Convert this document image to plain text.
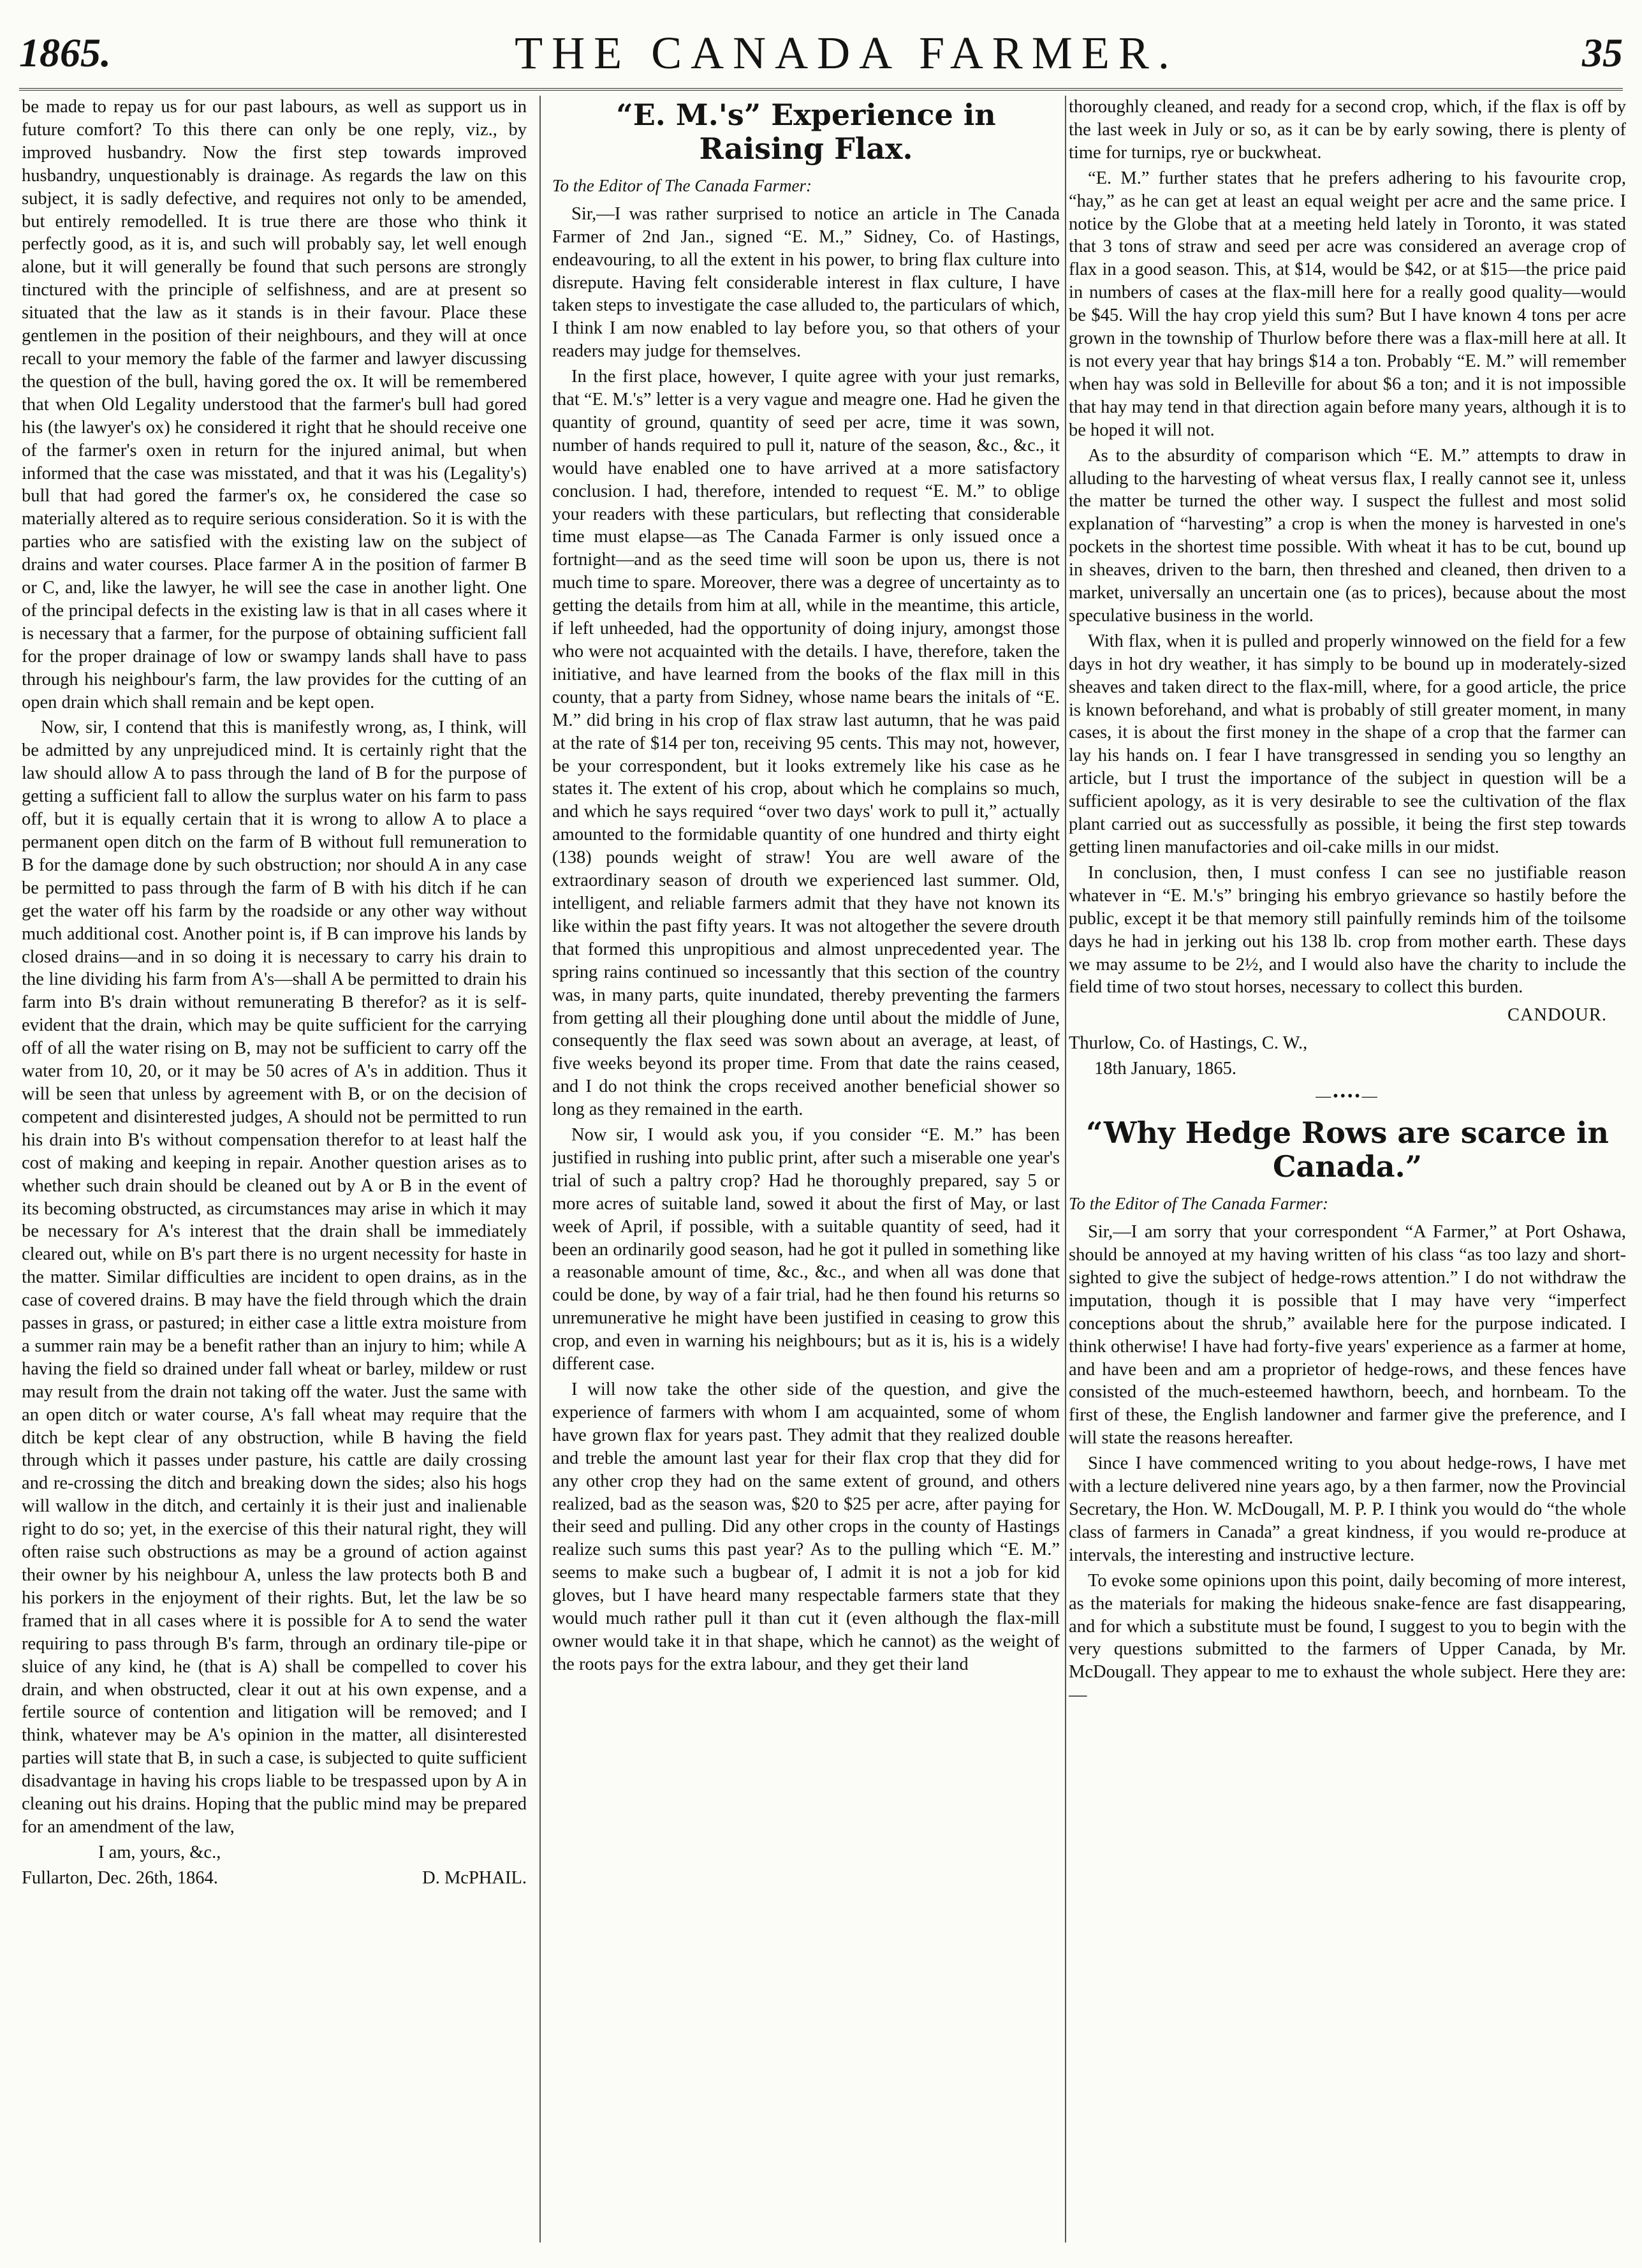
1865.	THE CANADA FARMER.	35

be made to repay us for our past labours, as well as support us in future comfort? To this there can only be one reply, viz., by improved husbandry. Now the first step towards improved husbandry, unquestionably is drainage. As regards the law on this subject, it is sadly defective, and requires not only to be amended, but entirely remodelled. It is true there are those who think it perfectly good, as it is, and such will probably say, let well enough alone, but it will generally be found that such persons are strongly tinctured with the principle of selfishness, and are at present so situated that the law as it stands is in their favour. Place these gentlemen in the position of their neighbours, and they will at once recall to your memory the fable of the farmer and lawyer discussing the question of the bull, having gored the ox. It will be remembered that when Old Legality understood that the farmer's bull had gored his (the lawyer's ox) he considered it right that he should receive one of the farmer's oxen in return for the injured animal, but when informed that the case was misstated, and that it was his (Legality's) bull that had gored the farmer's ox, he considered the case so materially altered as to require serious consideration. So it is with the parties who are satisfied with the existing law on the subject of drains and water courses. Place farmer A in the position of farmer B or C, and, like the lawyer, he will see the case in another light. One of the principal defects in the existing law is that in all cases where it is necessary that a farmer, for the purpose of obtaining sufficient fall for the proper drainage of low or swampy lands shall have to pass through his neighbour's farm, the law provides for the cutting of an open drain which shall remain and be kept open.

Now, sir, I contend that this is manifestly wrong, as, I think, will be admitted by any unprejudiced mind. It is certainly right that the law should allow A to pass through the land of B for the purpose of getting a sufficient fall to allow the surplus water on his farm to pass off, but it is equally certain that it is wrong to allow A to place a permanent open ditch on the farm of B without full remuneration to B for the damage done by such obstruction; nor should A in any case be permitted to pass through the farm of B with his ditch if he can get the water off his farm by the roadside or any other way without much additional cost. Another point is, if B can improve his lands by closed drains—and in so doing it is necessary to carry his drain to the line dividing his farm from A's—shall A be permitted to drain his farm into B's drain without remunerating B therefor? as it is self-evident that the drain, which may be quite sufficient for the carrying off of all the water rising on B, may not be sufficient to carry off the water from 10, 20, or it may be 50 acres of A's in addition. Thus it will be seen that unless by agreement with B, or on the decision of competent and disinterested judges, A should not be permitted to run his drain into B's without compensation therefor to at least half the cost of making and keeping in repair. Another question arises as to whether such drain should be cleaned out by A or B in the event of its becoming obstructed, as circumstances may arise in which it may be necessary for A's interest that the drain shall be immediately cleared out, while on B's part there is no urgent necessity for haste in the matter. Similar difficulties are incident to open drains, as in the case of covered drains. B may have the field through which the drain passes in grass, or pastured; in either case a little extra moisture from a summer rain may be a benefit rather than an injury to him; while A having the field so drained under fall wheat or barley, mildew or rust may result from the drain not taking off the water. Just the same with an open ditch or water course, A's fall wheat may require that the ditch be kept clear of any obstruction, while B having the field through which it passes under pasture, his cattle are daily crossing and re-crossing the ditch and breaking down the sides; also his hogs will wallow in the ditch, and certainly it is their just and inalienable right to do so; yet, in the exercise of this their natural right, they will often raise such obstructions as may be a ground of action against their owner by his neighbour A, unless the law protects both B and his porkers in the enjoyment of their rights. But, let the law be so framed that in all cases where it is possible for A to send the water requiring to pass through B's farm, through an ordinary tile-pipe or sluice of any kind, he (that is A) shall be compelled to cover his drain, and when obstructed, clear it out at his own expense, and a fertile source of contention and litigation will be removed; and I think, whatever may be A's opinion in the matter, all disinterested parties will state that B, in such a case, is subjected to quite sufficient disadvantage in having his crops liable to be trespassed upon by A in cleaning out his drains. Hoping that the public mind may be prepared for an amendment of the law,

I am, yours, &c.,

Fullarton, Dec. 26th, 1864.	D. McPHAIL.
“E. M.'s” Experience in Raising Flax.

To the Editor of The Canada Farmer:

Sir,—I was rather surprised to notice an article in The Canada Farmer of 2nd Jan., signed “E. M.,” Sidney, Co. of Hastings, endeavouring, to all the extent in his power, to bring flax culture into disrepute. Having felt considerable interest in flax culture, I have taken steps to investigate the case alluded to, the particulars of which, I think I am now enabled to lay before you, so that others of your readers may judge for themselves.

In the first place, however, I quite agree with your just remarks, that “E. M.'s” letter is a very vague and meagre one. Had he given the quantity of ground, quantity of seed per acre, time it was sown, number of hands required to pull it, nature of the season, &c., &c., it would have enabled one to have arrived at a more satisfactory conclusion. I had, therefore, intended to request “E. M.” to oblige your readers with these particulars, but reflecting that considerable time must elapse—as The Canada Farmer is only issued once a fortnight—and as the seed time will soon be upon us, there is not much time to spare. Moreover, there was a degree of uncertainty as to getting the details from him at all, while in the meantime, this article, if left unheeded, had the opportunity of doing injury, amongst those who were not acquainted with the details. I have, therefore, taken the initiative, and have learned from the books of the flax mill in this county, that a party from Sidney, whose name bears the initals of “E. M.” did bring in his crop of flax straw last autumn, that he was paid at the rate of $14 per ton, receiving 95 cents. This may not, however, be your correspondent, but it looks extremely like his case as he states it. The extent of his crop, about which he complains so much, and which he says required “over two days' work to pull it,” actually amounted to the formidable quantity of one hundred and thirty eight (138) pounds weight of straw! You are well aware of the extraordinary season of drouth we experienced last summer. Old, intelligent, and reliable farmers admit that they have not known its like within the past fifty years. It was not altogether the severe drouth that formed this unpropitious and almost unprecedented year. The spring rains continued so incessantly that this section of the country was, in many parts, quite inundated, thereby preventing the farmers from getting all their ploughing done until about the middle of June, consequently the flax seed was sown about an average, at least, of five weeks beyond its proper time. From that date the rains ceased, and I do not think the crops received another beneficial shower so long as they remained in the earth.

Now sir, I would ask you, if you consider “E. M.” has been justified in rushing into public print, after such a miserable one year's trial of such a paltry crop? Had he thoroughly prepared, say 5 or more acres of suitable land, sowed it about the first of May, or last week of April, if possible, with a suitable quantity of seed, had it been an ordinarily good season, had he got it pulled in something like a reasonable amount of time, &c., &c., and when all was done that could be done, by way of a fair trial, had he then found his returns so unremunerative he might have been justified in ceasing to grow this crop, and even in warning his neighbours; but as it is, his is a widely different case.

I will now take the other side of the question, and give the experience of farmers with whom I am acquainted, some of whom have grown flax for years past. They admit that they realized double and treble the amount last year for their flax crop that they did for any other crop they had on the same extent of ground, and others realized, bad as the season was, $20 to $25 per acre, after paying for their seed and pulling. Did any other crops in the county of Hastings realize such sums this past year? As to the pulling which “E. M.” seems to make such a bugbear of, I admit it is not a job for kid gloves, but I have heard many respectable farmers state that they would much rather pull it than cut it (even although the flax-mill owner would take it in that shape, which he cannot) as the weight of the roots pays for the extra labour, and they get their land

thoroughly cleaned, and ready for a second crop, which, if the flax is off by the last week in July or so, as it can be by early sowing, there is plenty of time for turnips, rye or buckwheat.

“E. M.” further states that he prefers adhering to his favourite crop, “hay,” as he can get at least an equal weight per acre and the same price. I notice by the Globe that at a meeting held lately in Toronto, it was stated that 3 tons of straw and seed per acre was considered an average crop of flax in a good season. This, at $14, would be $42, or at $15—the price paid in numbers of cases at the flax-mill here for a really good quality—would be $45. Will the hay crop yield this sum? But I have known 4 tons per acre grown in the township of Thurlow before there was a flax-mill here at all. It is not every year that hay brings $14 a ton. Probably “E. M.” will remember when hay was sold in Belleville for about $6 a ton; and it is not impossible that hay may tend in that direction again before many years, although it is to be hoped it will not.

As to the absurdity of comparison which “E. M.” attempts to draw in alluding to the harvesting of wheat versus flax, I really cannot see it, unless the matter be turned the other way. I suspect the fullest and most solid explanation of “harvesting” a crop is when the money is harvested in one's pockets in the shortest time possible. With wheat it has to be cut, bound up in sheaves, driven to the barn, then threshed and cleaned, then driven to a market, universally an uncertain one (as to prices), because about the most speculative business in the world.

With flax, when it is pulled and properly winnowed on the field for a few days in hot dry weather, it has simply to be bound up in moderately-sized sheaves and taken direct to the flax-mill, where, for a good article, the price is known beforehand, and what is probably of still greater moment, in many cases, it is about the first money in the shape of a crop that the farmer can lay his hands on. I fear I have transgressed in sending you so lengthy an article, but I trust the importance of the subject in question will be a sufficient apology, as it is very desirable to see the cultivation of the flax plant carried out as successfully as possible, it being the first step towards getting linen manufactories and oil-cake mills in our midst.

In conclusion, then, I must confess I can see no justifiable reason whatever in “E. M.'s” bringing his embryo grievance so hastily before the public, except it be that memory still painfully reminds him of the toilsome days he had in jerking out his 138 lb. crop from mother earth. These days we may assume to be 2½, and I would also have the charity to include the field time of two stout horses, necessary to collect this burden.

CANDOUR.

Thurlow, Co. of Hastings, C. W.,

18th January, 1865.

—••••—
“Why Hedge Rows are scarce in Canada.”

To the Editor of The Canada Farmer:

Sir,—I am sorry that your correspondent “A Farmer,” at Port Oshawa, should be annoyed at my having written of his class “as too lazy and short-sighted to give the subject of hedge-rows attention.” I do not withdraw the imputation, though it is possible that I may have very “imperfect conceptions about the shrub,” available here for the purpose indicated. I think otherwise! I have had forty-five years' experience as a farmer at home, and have been and am a proprietor of hedge-rows, and these fences have consisted of the much-esteemed hawthorn, beech, and hornbeam. To the first of these, the English landowner and farmer give the preference, and I will state the reasons hereafter.

Since I have commenced writing to you about hedge-rows, I have met with a lecture delivered nine years ago, by a then farmer, now the Provincial Secretary, the Hon. W. McDougall, M. P. P. I think you would do “the whole class of farmers in Canada” a great kindness, if you would re-produce at intervals, the interesting and instructive lecture.

To evoke some opinions upon this point, daily becoming of more interest, as the materials for making the hideous snake-fence are fast disappearing, and for which a substitute must be found, I suggest to you to begin with the very questions submitted to the farmers of Upper Canada, by Mr. McDougall. They appear to me to exhaust the whole subject. Here they are:—
